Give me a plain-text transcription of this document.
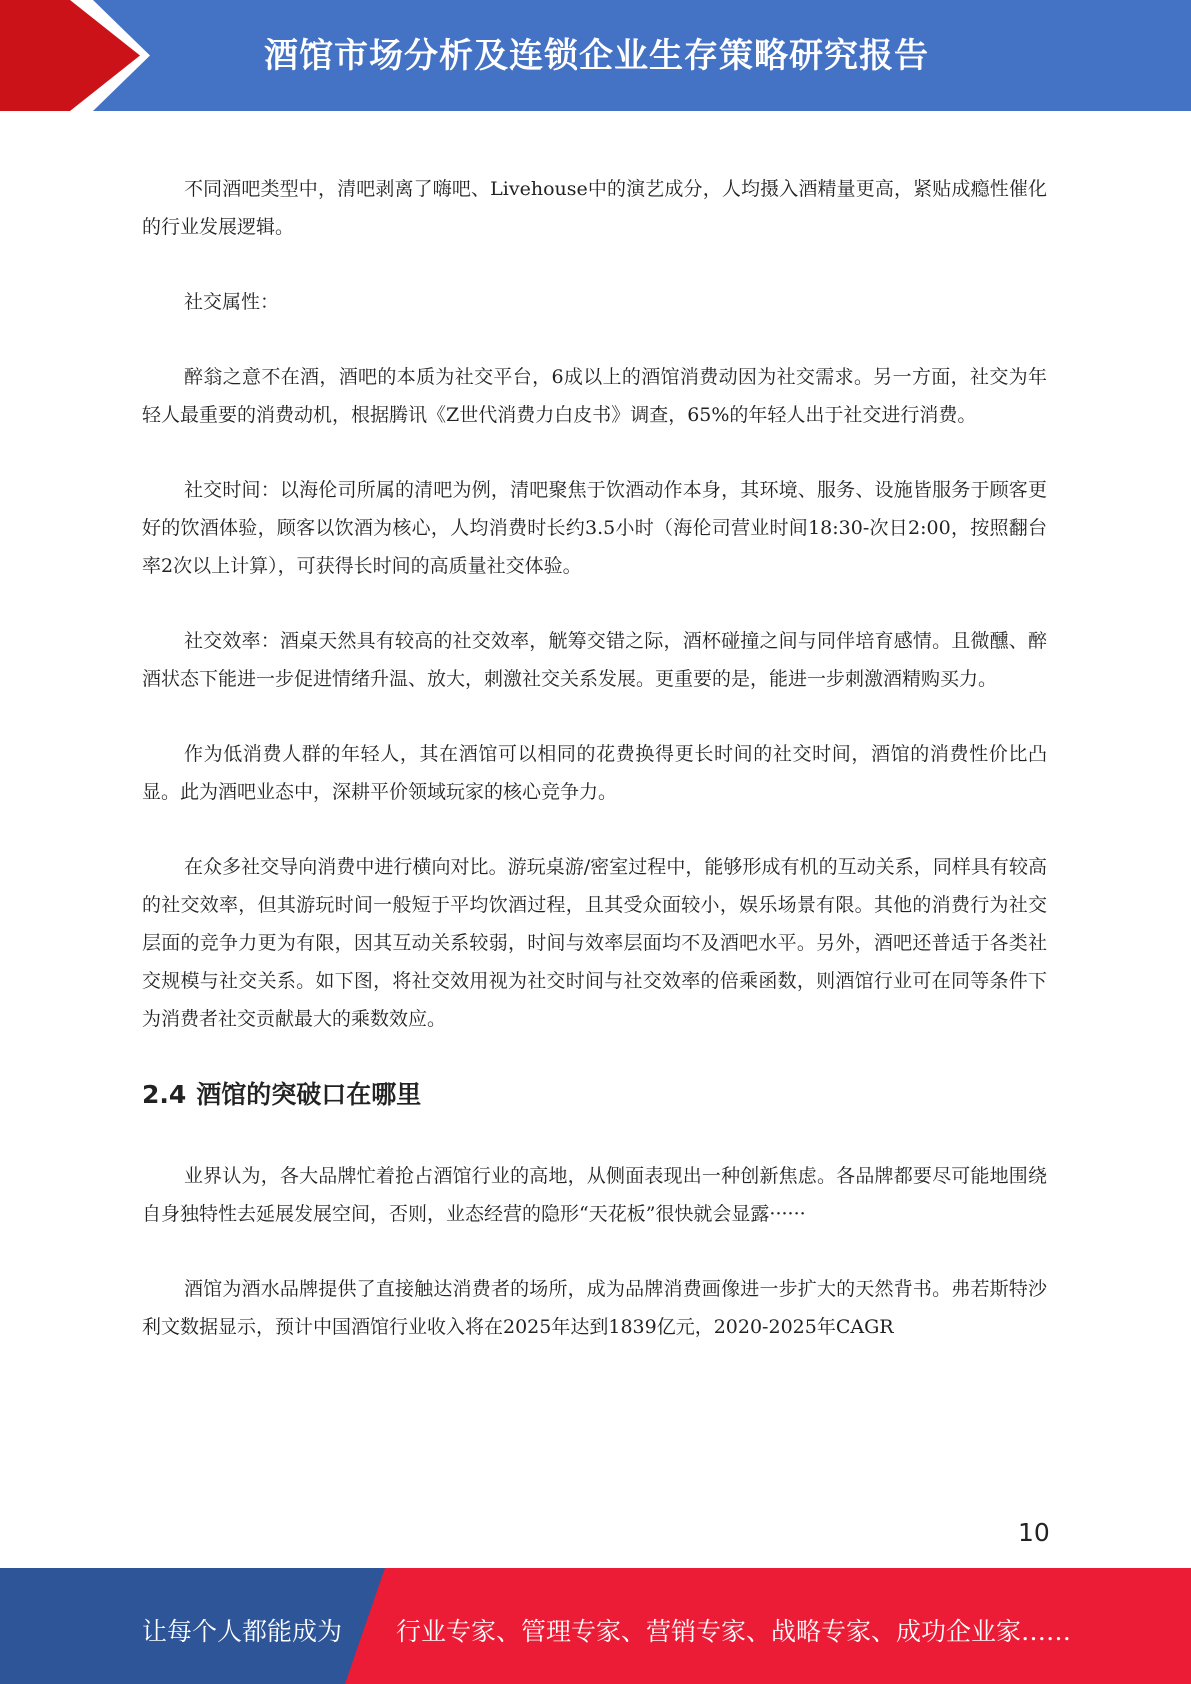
酒馆市场分析及连锁企业生存策略研究报告

不同酒吧类型中，清吧剥离了嗨吧、Livehouse中的演艺成分，人均摄入酒精量更高，紧贴成瘾性催化的行业发展逻辑。

社交属性：

醉翁之意不在酒，酒吧的本质为社交平台，6成以上的酒馆消费动因为社交需求。另一方面，社交为年轻人最重要的消费动机，根据腾讯《Z世代消费力白皮书》调查，65%的年轻人出于社交进行消费。

社交时间：以海伦司所属的清吧为例，清吧聚焦于饮酒动作本身，其环境、服务、设施皆服务于顾客更好的饮酒体验，顾客以饮酒为核心，人均消费时长约3.5小时（海伦司营业时间18:30-次日2:00，按照翻台率2次以上计算），可获得长时间的高质量社交体验。

社交效率：酒桌天然具有较高的社交效率，觥筹交错之际，酒杯碰撞之间与同伴培育感情。且微醺、醉酒状态下能进一步促进情绪升温、放大，刺激社交关系发展。更重要的是，能进一步刺激酒精购买力。

作为低消费人群的年轻人，其在酒馆可以相同的花费换得更长时间的社交时间，酒馆的消费性价比凸显。此为酒吧业态中，深耕平价领域玩家的核心竞争力。

在众多社交导向消费中进行横向对比。游玩桌游/密室过程中，能够形成有机的互动关系，同样具有较高的社交效率，但其游玩时间一般短于平均饮酒过程，且其受众面较小，娱乐场景有限。其他的消费行为社交层面的竞争力更为有限，因其互动关系较弱，时间与效率层面均不及酒吧水平。另外，酒吧还普适于各类社交规模与社交关系。如下图，将社交效用视为社交时间与社交效率的倍乘函数，则酒馆行业可在同等条件下为消费者社交贡献最大的乘数效应。

2.4 酒馆的突破口在哪里

业界认为，各大品牌忙着抢占酒馆行业的高地，从侧面表现出一种创新焦虑。各品牌都要尽可能地围绕自身独特性去延展发展空间，否则，业态经营的隐形“天花板”很快就会显露······

酒馆为酒水品牌提供了直接触达消费者的场所，成为品牌消费画像进一步扩大的天然背书。弗若斯特沙利文数据显示，预计中国酒馆行业收入将在2025年达到1839亿元，2020-2025年CAGR

10
让每个人都能成为 行业专家、管理专家、营销专家、战略专家、成功企业家……
